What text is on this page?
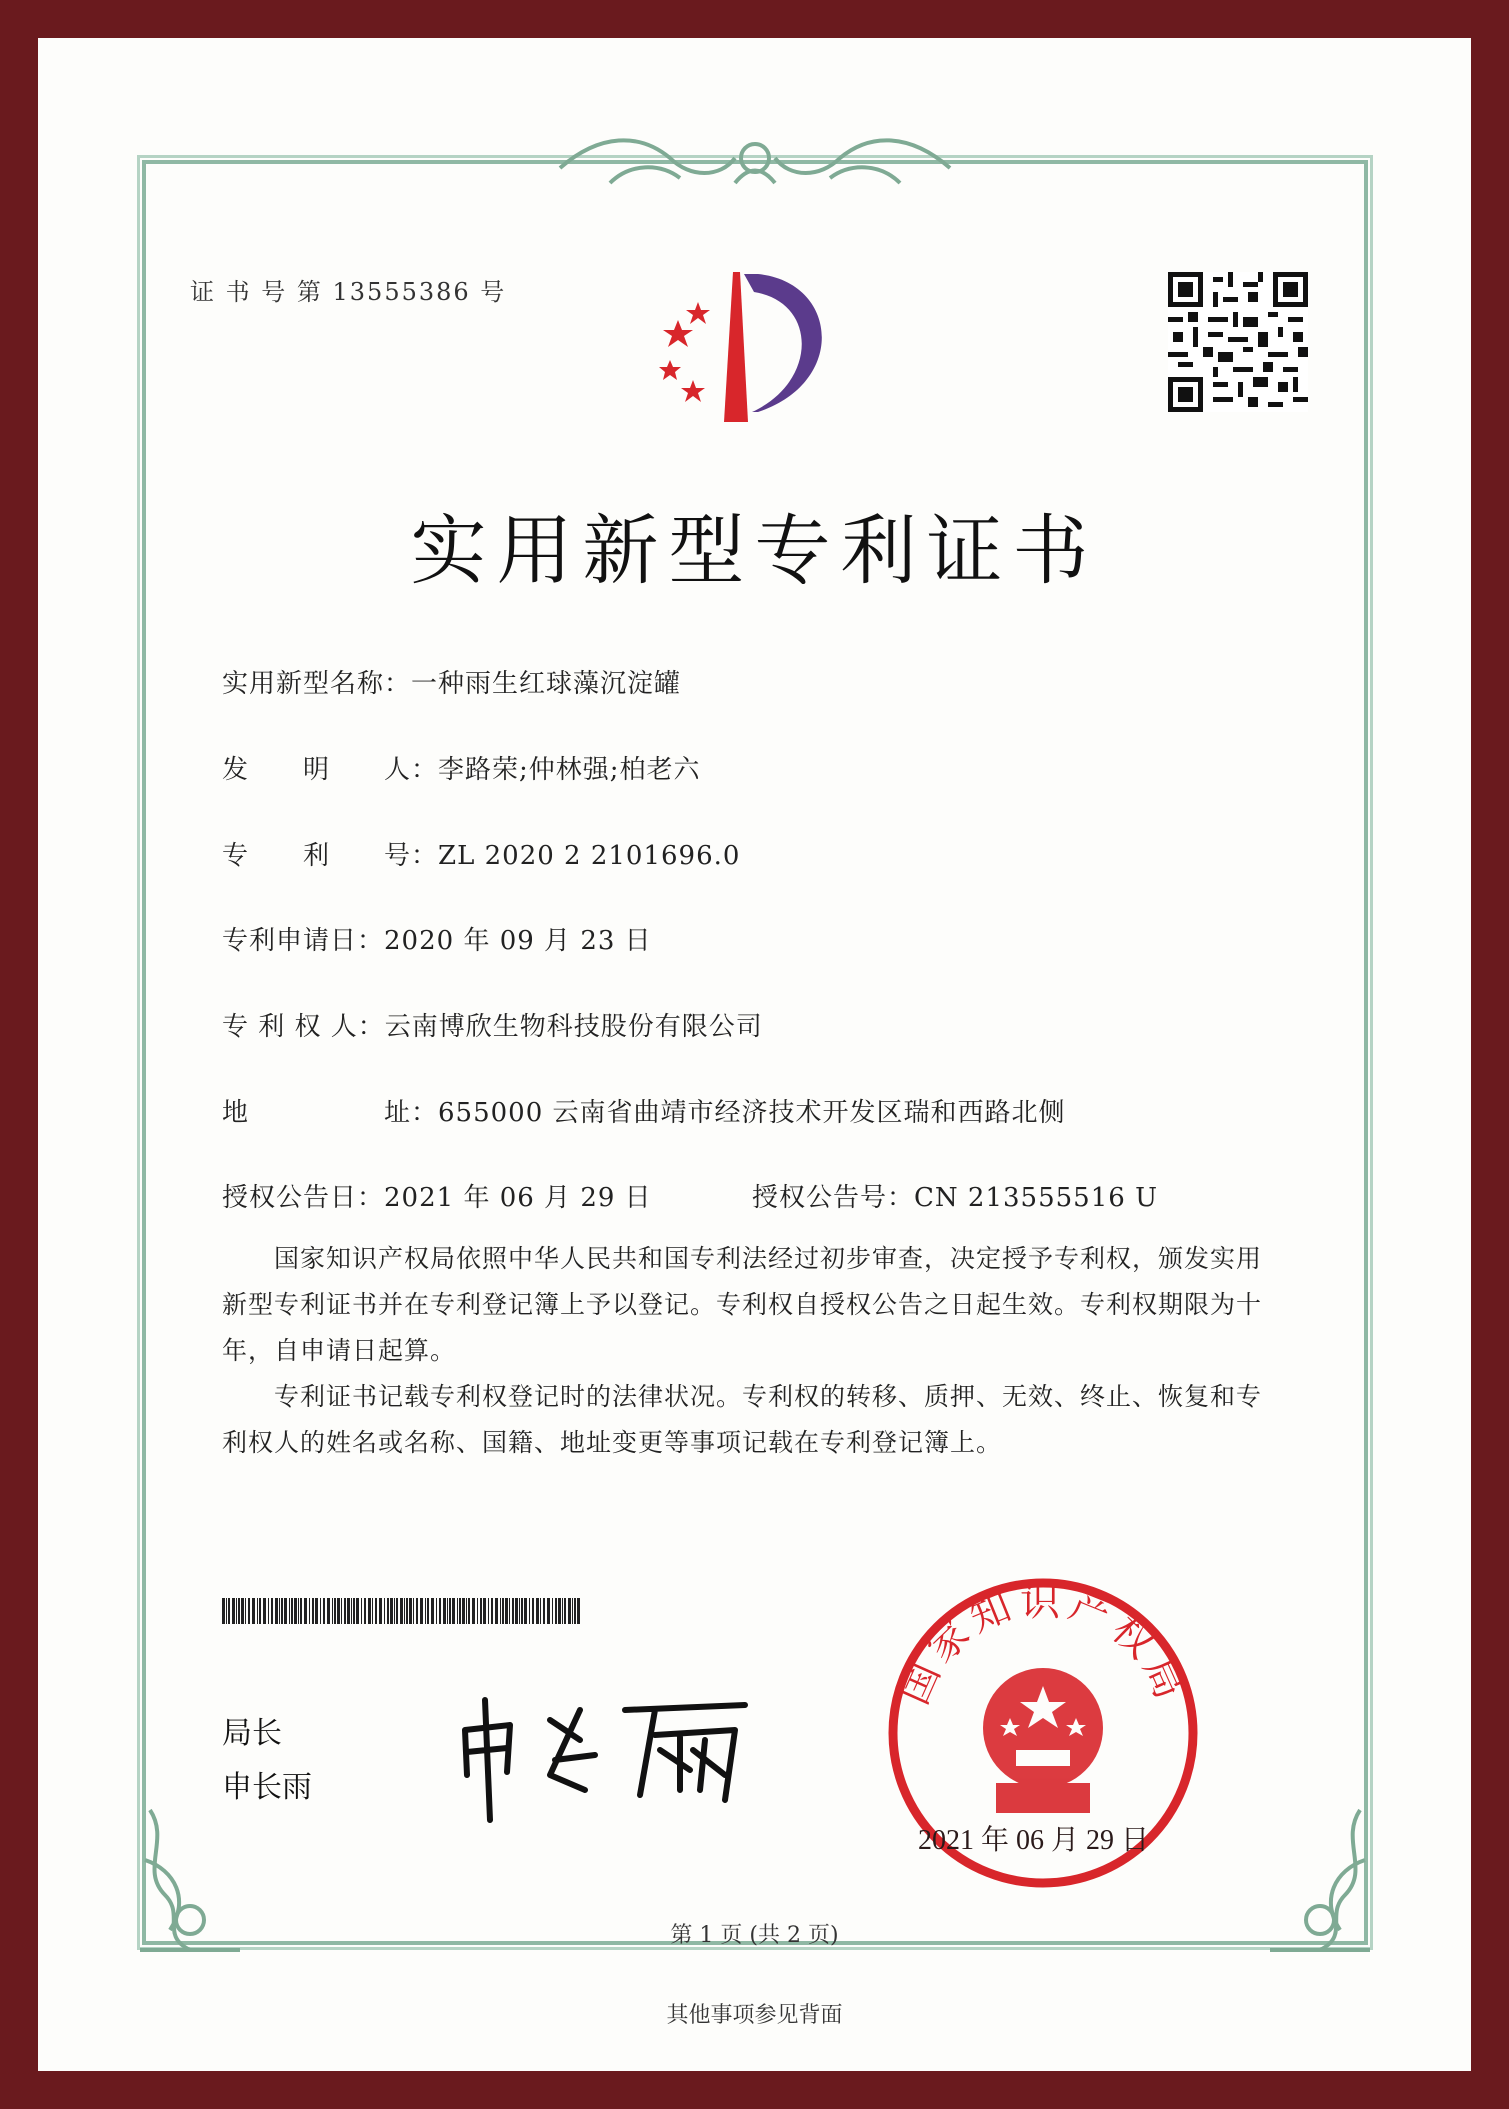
证 书 号 第 13555386 号
实用新型专利证书
实用新型名称：一种雨生红球藻沉淀罐
发　　明　　人：李路荣;仲林强;柏老六
专　　利　　号：ZL 2020 2 2101696.0
专利申请日：2020 年 09 月 23 日
专 利 权 人：云南博欣生物科技股份有限公司
地　　　　　址：655000 云南省曲靖市经济技术开发区瑞和西路北侧
授权公告日：2021 年 06 月 29 日	授权公告号：CN 213555516 U

国家知识产权局依照中华人民共和国专利法经过初步审查，决定授予专利权，颁发实用新型专利证书并在专利登记簿上予以登记。专利权自授权公告之日起生效。专利权期限为十年，自申请日起算。

专利证书记载专利权登记时的法律状况。专利权的转移、质押、无效、终止、恢复和专利权人的姓名或名称、国籍、地址变更等事项记载在专利登记簿上。

局长
申长雨
国家知识产权局
2021 年 06 月 29 日
第 1 页 (共 2 页)
其他事项参见背面
